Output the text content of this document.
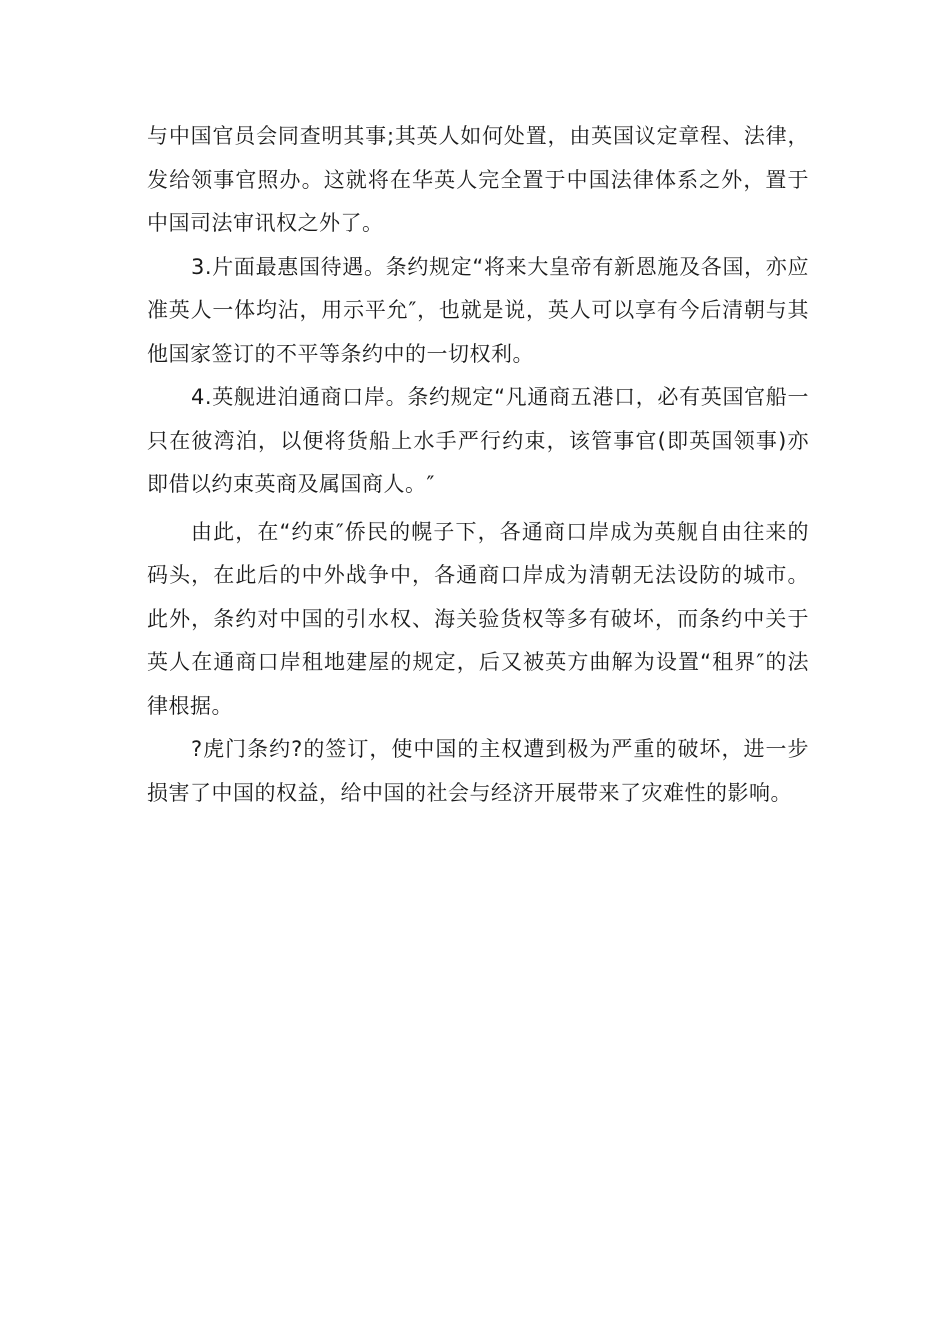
与中国官员会同查明其事;其英人如何处置，由英国议定章程、法律，发给领事官照办。这就将在华英人完全置于中国法律体系之外，置于中国司法审讯权之外了。

3.片面最惠国待遇。条约规定“将来大皇帝有新恩施及各国，亦应准英人一体均沾，用示平允″，也就是说，英人可以享有今后清朝与其他国家签订的不平等条约中的一切权利。

4.英舰进泊通商口岸。条约规定“凡通商五港口，必有英国官船一只在彼湾泊，以便将货船上水手严行约束，该管事官(即英国领事)亦即借以约束英商及属国商人。″

由此，在“约束″侨民的幌子下，各通商口岸成为英舰自由往来的码头，在此后的中外战争中，各通商口岸成为清朝无法设防的城市。此外，条约对中国的引水权、海关验货权等多有破坏，而条约中关于英人在通商口岸租地建屋的规定，后又被英方曲解为设置“租界″的法律根据。

?虎门条约?的签订，使中国的主权遭到极为严重的破坏，进一步损害了中国的权益，给中国的社会与经济开展带来了灾难性的影响。
